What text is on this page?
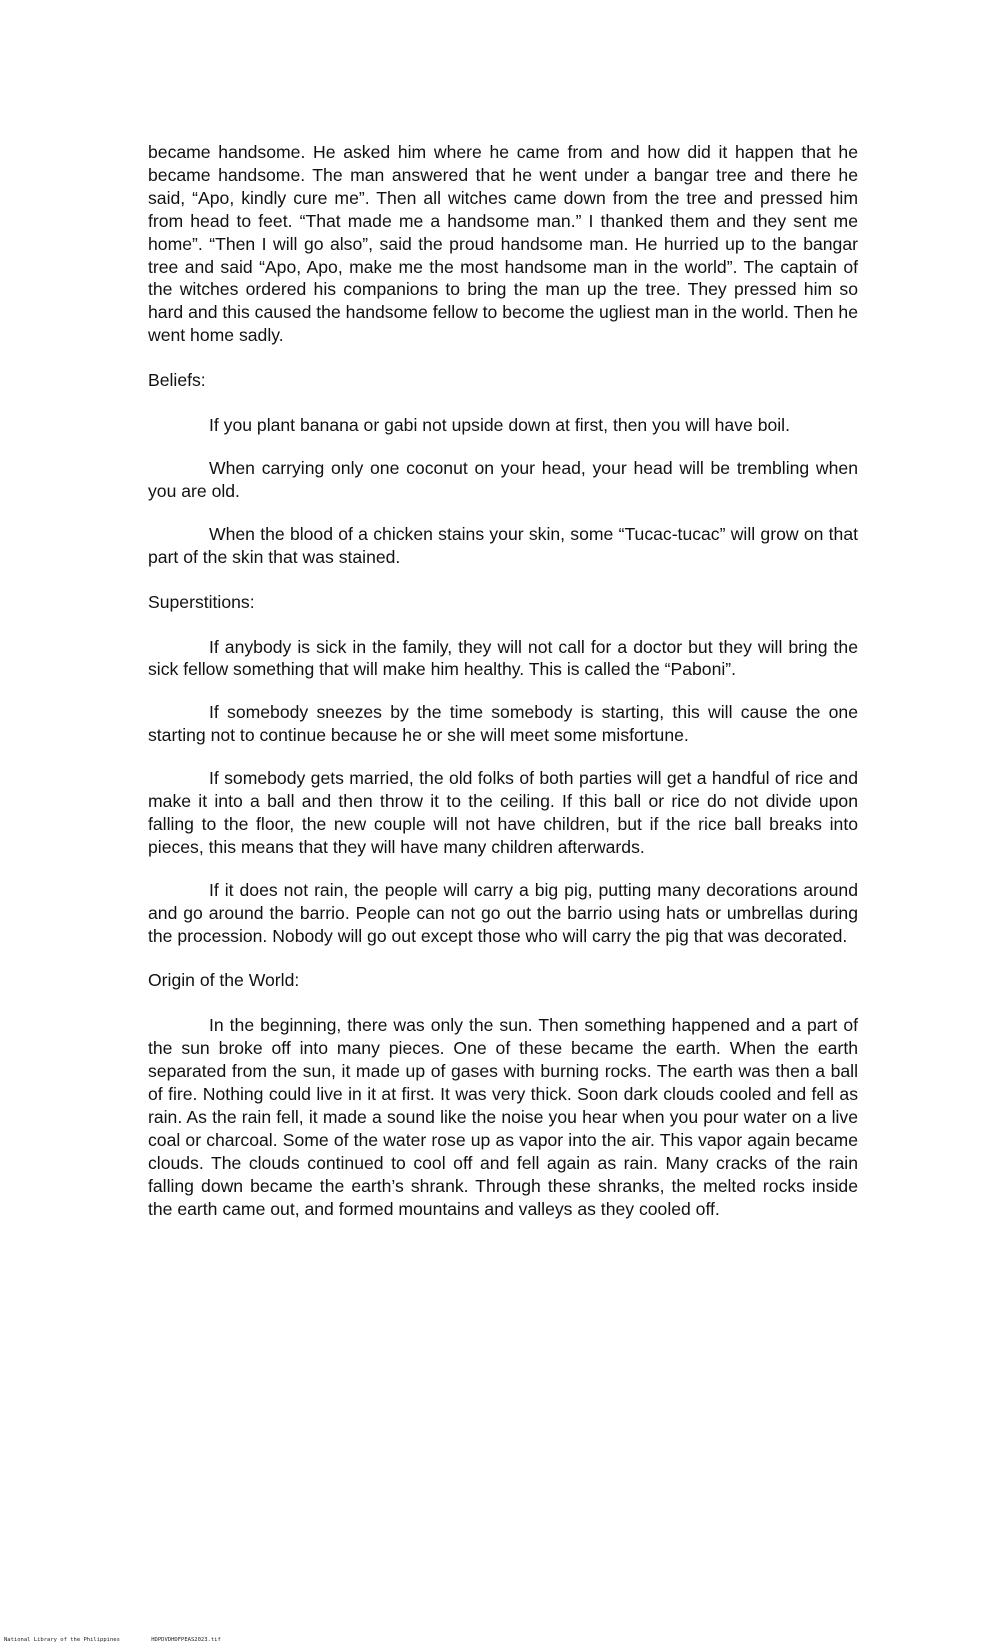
became handsome. He asked him where he came from and how did it happen that he became handsome. The man answered that he went under a bangar tree and there he said, “Apo, kindly cure me”. Then all witches came down from the tree and pressed him from head to feet. “That made me a handsome man.” I thanked them and they sent me home”. “Then I will go also”, said the proud handsome man. He hurried up to the bangar tree and said “Apo, Apo, make me the most handsome man in the world”. The captain of the witches ordered his companions to bring the man up the tree. They pressed him so hard and this caused the handsome fellow to become the ugliest man in the world. Then he went home sadly.

Beliefs:

If you plant banana or gabi not upside down at first, then you will have boil.

When carrying only one coconut on your head, your head will be trembling when you are old.

When the blood of a chicken stains your skin, some “Tucac-tucac” will grow on that part of the skin that was stained.

Superstitions:

If anybody is sick in the family, they will not call for a doctor but they will bring the sick fellow something that will make him healthy. This is called the “Paboni”.

If somebody sneezes by the time somebody is starting, this will cause the one starting not to continue because he or she will meet some misfortune.

If somebody gets married, the old folks of both parties will get a handful of rice and make it into a ball and then throw it to the ceiling. If this ball or rice do not divide upon falling to the floor, the new couple will not have children, but if the rice ball breaks into pieces, this means that they will have many children afterwards.

If it does not rain, the people will carry a big pig, putting many decorations around and go around the barrio. People can not go out the barrio using hats or umbrellas during the procession. Nobody will go out except those who will carry the pig that was decorated.

Origin of the World:

In the beginning, there was only the sun. Then something happened and a part of the sun broke off into many pieces. One of these became the earth. When the earth separated from the sun, it made up of gases with burning rocks. The earth was then a ball of fire. Nothing could live in it at first. It was very thick. Soon dark clouds cooled and fell as rain. As the rain fell, it made a sound like the noise you hear when you pour water on a live coal or charcoal. Some of the water rose up as vapor into the air. This vapor again became clouds. The clouds continued to cool off and fell again as rain. Many cracks of the rain falling down became the earth’s shrank. Through these shranks, the melted rocks inside the earth came out, and formed mountains and valleys as they cooled off.

National Library of the Philippines	HDPDVDHDFPEAS2023.tif
